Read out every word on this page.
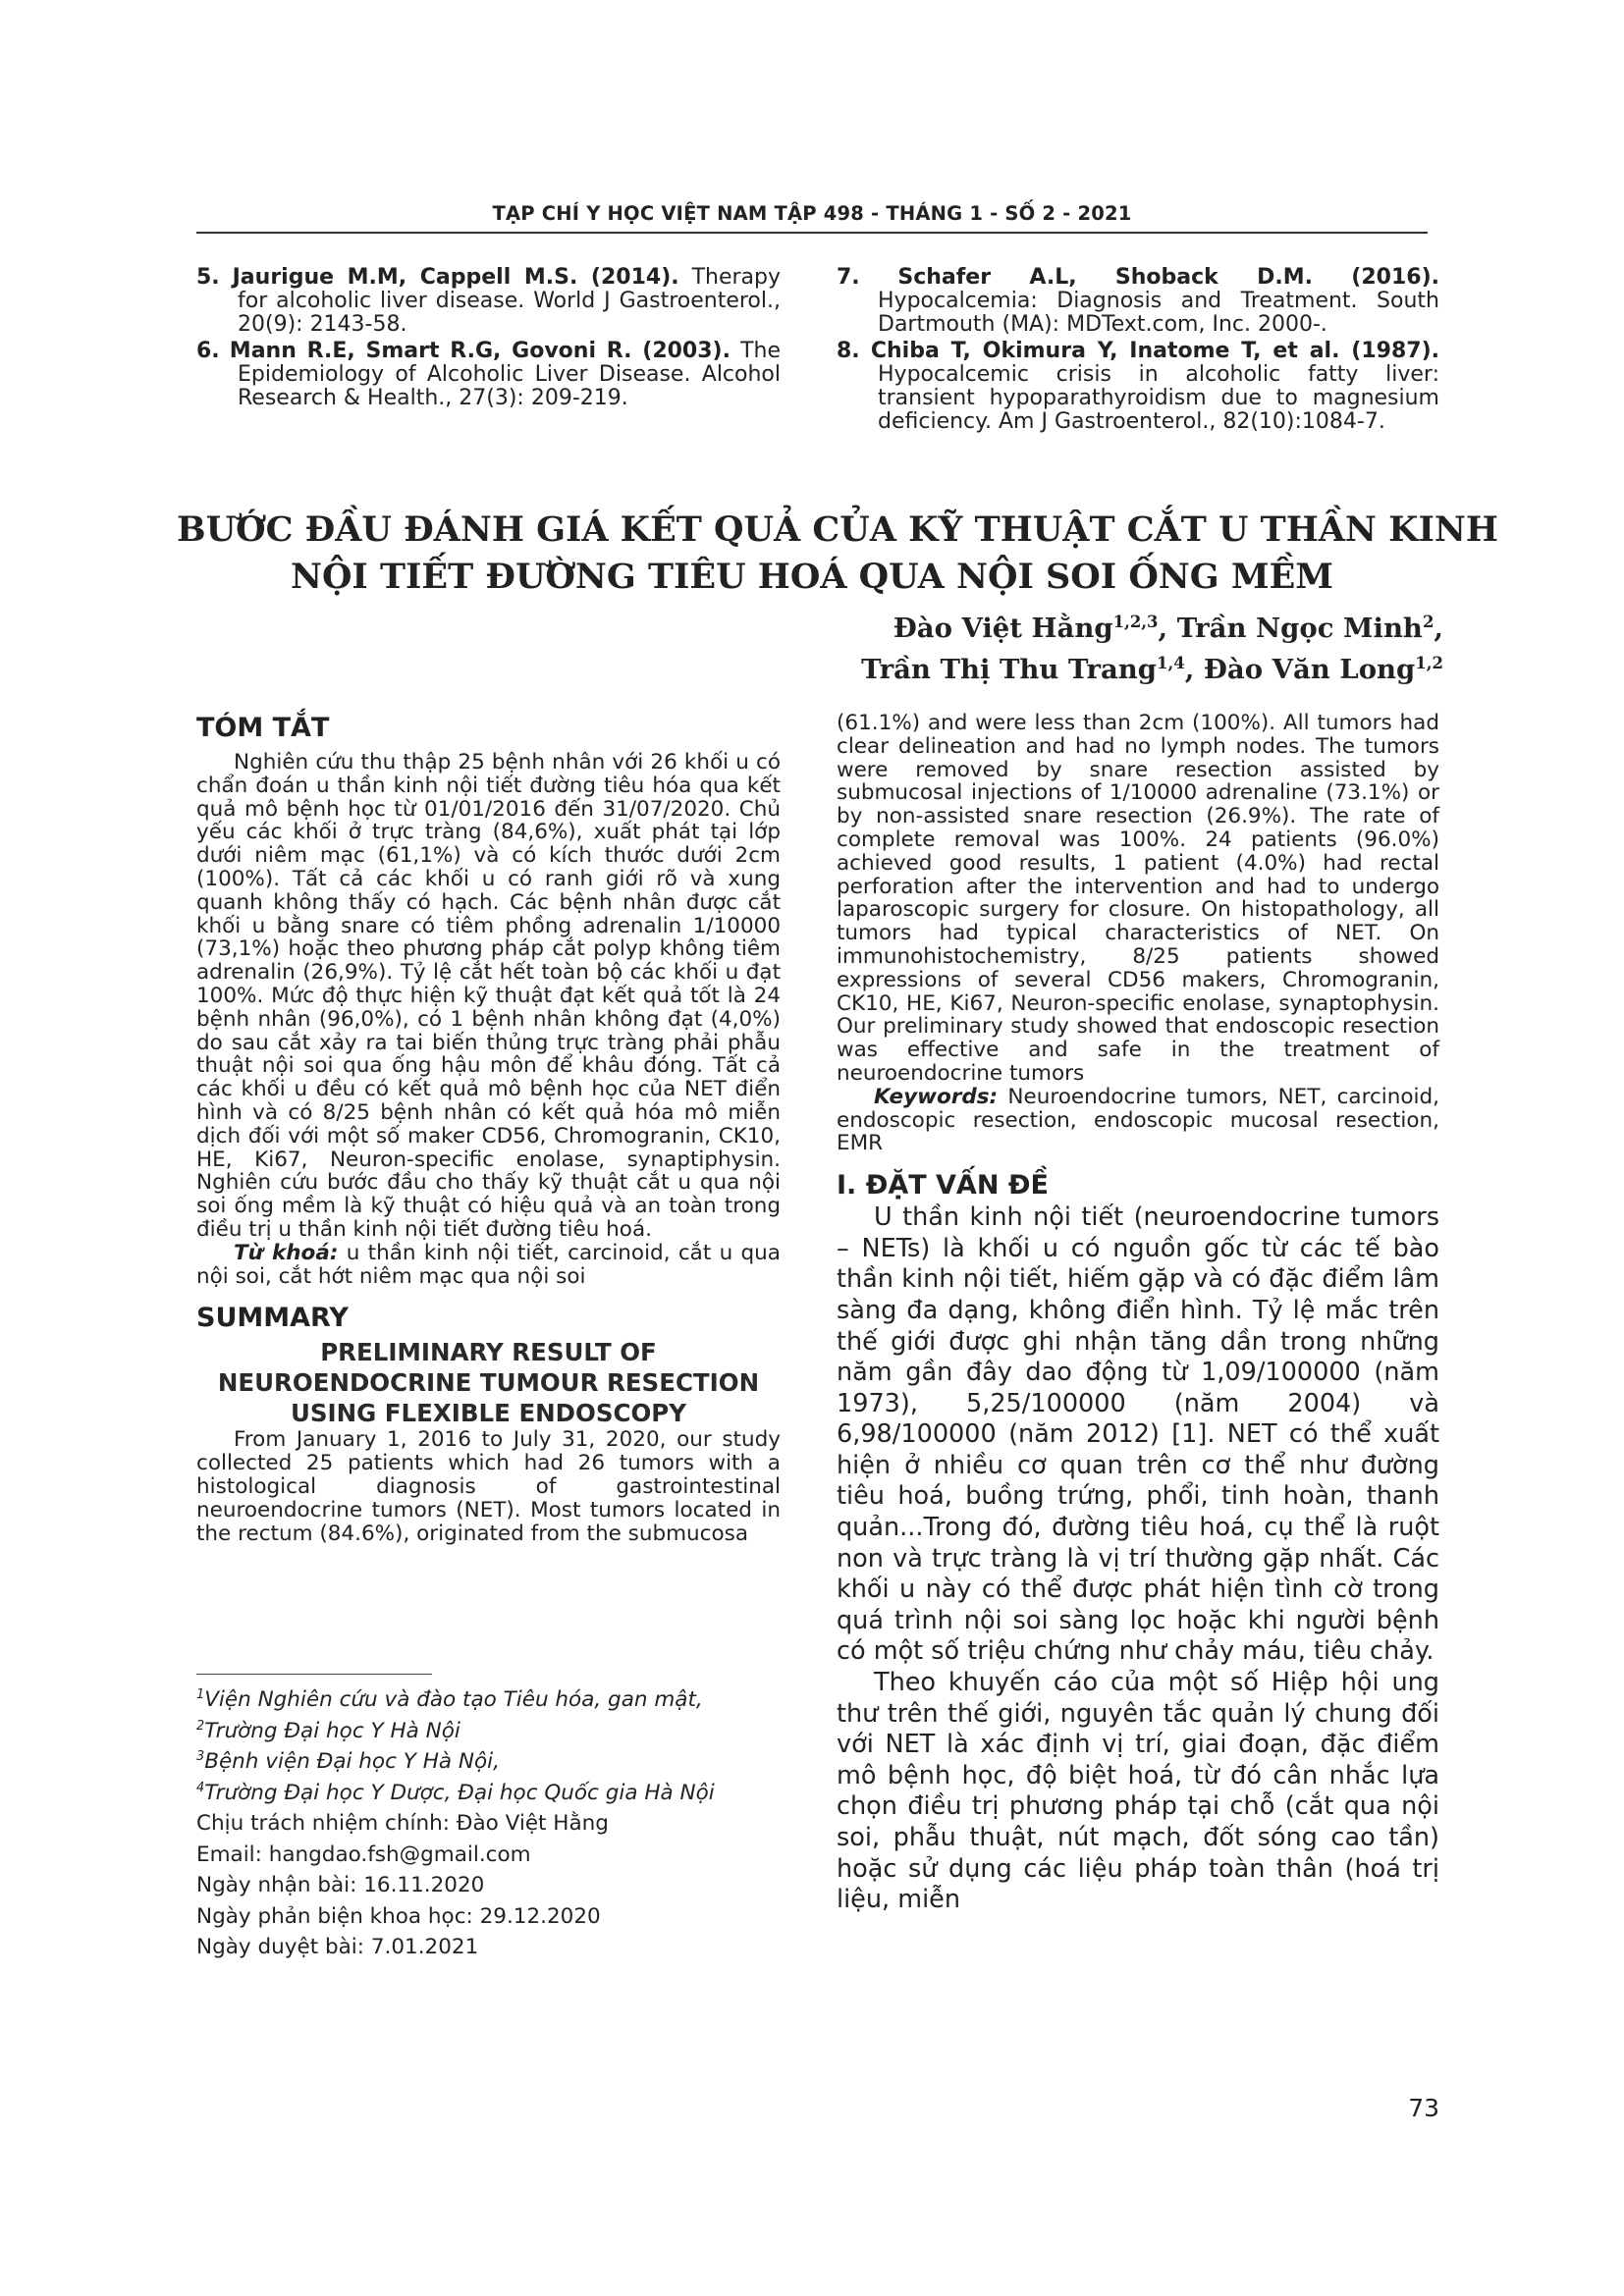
TẠP CHÍ Y HỌC VIỆT NAM TẬP 498 - THÁNG 1 - SỐ 2 - 2021

5. Jaurigue M.M, Cappell M.S. (2014). Therapy for alcoholic liver disease. World J Gastroenterol., 20(9): 2143-58.

6. Mann R.E, Smart R.G, Govoni R. (2003). The Epidemiology of Alcoholic Liver Disease. Alcohol Research & Health., 27(3): 209-219.

7. Schafer A.L, Shoback D.M. (2016). Hypocalcemia: Diagnosis and Treatment. South Dartmouth (MA): MDText.com, Inc. 2000-.

8. Chiba T, Okimura Y, Inatome T, et al. (1987). Hypocalcemic crisis in alcoholic fatty liver: transient hypoparathyroidism due to magnesium deficiency. Am J Gastroenterol., 82(10):1084-7.

BƯỚC ĐẦU ĐÁNH GIÁ KẾT QUẢ CỦA KỸ THUẬT CẮT U THẦN KINH
NỘI TIẾT ĐƯỜNG TIÊU HOÁ QUA NỘI SOI ỐNG MỀM
Đào Việt Hằng$^{1,2,3}$, Trần Ngọc Minh$^2$,
Trần Thị Thu Trang$^{1,4}$, Đào Văn Long$^{1,2}$

TÓM TẮT

Nghiên cứu thu thập 25 bệnh nhân với 26 khối u có chẩn đoán u thần kinh nội tiết đường tiêu hóa qua kết quả mô bệnh học từ 01/01/2016 đến 31/07/2020. Chủ yếu các khối ở trực tràng (84,6%), xuất phát tại lớp dưới niêm mạc (61,1%) và có kích thước dưới 2cm (100%). Tất cả các khối u có ranh giới rõ và xung quanh không thấy có hạch. Các bệnh nhân được cắt khối u bằng snare có tiêm phồng adrenalin 1/10000 (73,1%) hoặc theo phương pháp cắt polyp không tiêm adrenalin (26,9%). Tỷ lệ cắt hết toàn bộ các khối u đạt 100%. Mức độ thực hiện kỹ thuật đạt kết quả tốt là 24 bệnh nhân (96,0%), có 1 bệnh nhân không đạt (4,0%) do sau cắt xảy ra tai biến thủng trực tràng phải phẫu thuật nội soi qua ống hậu môn để khâu đóng. Tất cả các khối u đều có kết quả mô bệnh học của NET điển hình và có 8/25 bệnh nhân có kết quả hóa mô miễn dịch đối với một số maker CD56, Chromogranin, CK10, HE, Ki67, Neuron-specific enolase, synaptiphysin. Nghiên cứu bước đầu cho thấy kỹ thuật cắt u qua nội soi ống mềm là kỹ thuật có hiệu quả và an toàn trong điều trị u thần kinh nội tiết đường tiêu hoá.

Từ khoá: u thần kinh nội tiết, carcinoid, cắt u qua nội soi, cắt hớt niêm mạc qua nội soi

SUMMARY

PRELIMINARY RESULT OF

NEUROENDOCRINE TUMOUR RESECTION

USING FLEXIBLE ENDOSCOPY

From January 1, 2016 to July 31, 2020, our study collected 25 patients which had 26 tumors with a histological diagnosis of gastrointestinal neuroendocrine tumors (NET). Most tumors located in the rectum (84.6%), originated from the submucosa

(61.1%) and were less than 2cm (100%). All tumors had clear delineation and had no lymph nodes. The tumors were removed by snare resection assisted by submucosal injections of 1/10000 adrenaline (73.1%) or by non-assisted snare resection (26.9%). The rate of complete removal was 100%. 24 patients (96.0%) achieved good results, 1 patient (4.0%) had rectal perforation after the intervention and had to undergo laparoscopic surgery for closure. On histopathology, all tumors had typical characteristics of NET. On immunohistochemistry, 8/25 patients showed expressions of several CD56 makers, Chromogranin, CK10, HE, Ki67, Neuron-specific enolase, synaptophysin. Our preliminary study showed that endoscopic resection was effective and safe in the treatment of neuroendocrine tumors

Keywords: Neuroendocrine tumors, NET, carcinoid, endoscopic resection, endoscopic mucosal resection, EMR

I. ĐẶT VẤN ĐỀ

U thần kinh nội tiết (neuroendocrine tumors – NETs) là khối u có nguồn gốc từ các tế bào thần kinh nội tiết, hiếm gặp và có đặc điểm lâm sàng đa dạng, không điển hình. Tỷ lệ mắc trên thế giới được ghi nhận tăng dần trong những năm gần đây dao động từ 1,09/100000 (năm 1973), 5,25/100000 (năm 2004) và 6,98/100000 (năm 2012) [1]. NET có thể xuất hiện ở nhiều cơ quan trên cơ thể như đường tiêu hoá, buồng trứng, phổi, tinh hoàn, thanh quản...Trong đó, đường tiêu hoá, cụ thể là ruột non và trực tràng là vị trí thường gặp nhất. Các khối u này có thể được phát hiện tình cờ trong quá trình nội soi sàng lọc hoặc khi người bệnh có một số triệu chứng như chảy máu, tiêu chảy.

Theo khuyến cáo của một số Hiệp hội ung thư trên thế giới, nguyên tắc quản lý chung đối với NET là xác định vị trí, giai đoạn, đặc điểm mô bệnh học, độ biệt hoá, từ đó cân nhắc lựa chọn điều trị phương pháp tại chỗ (cắt qua nội soi, phẫu thuật, nút mạch, đốt sóng cao tần) hoặc sử dụng các liệu pháp toàn thân (hoá trị liệu, miễn

$^1$Viện Nghiên cứu và đào tạo Tiêu hóa, gan mật,
$^2$Trường Đại học Y Hà Nội
$^3$Bệnh viện Đại học Y Hà Nội,
$^4$Trường Đại học Y Dược, Đại học Quốc gia Hà Nội
Chịu trách nhiệm chính: Đào Việt Hằng
Email: hangdao.fsh@gmail.com
Ngày nhận bài: 16.11.2020
Ngày phản biện khoa học: 29.12.2020
Ngày duyệt bài: 7.01.2021
73
